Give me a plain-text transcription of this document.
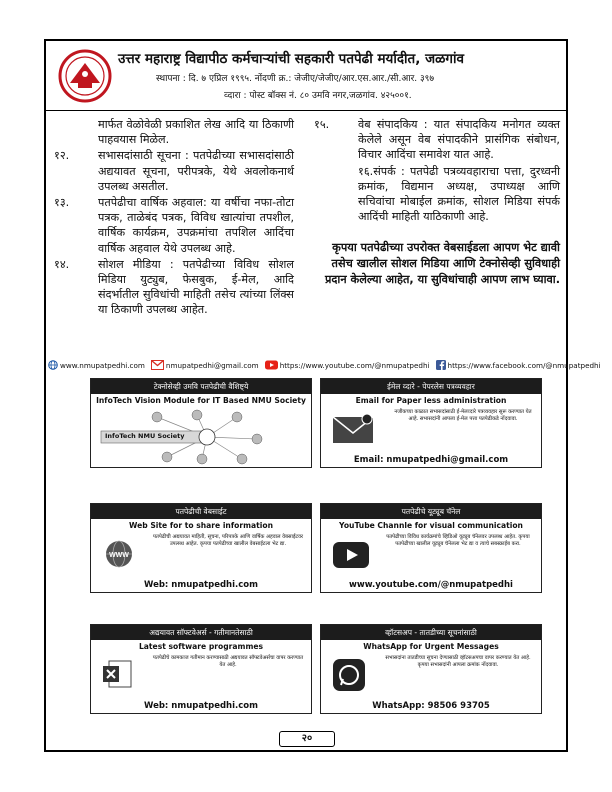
उत्तर महाराष्ट्र विद्यापीठ कर्मचाऱ्यांची सहकारी पतपेढी मर्यादीत, जळगांव
स्थापना : दि. ७ एप्रिल १९९५. नोंदणी क्र.: जेजीए/जेजीए/आर.एस.आर./सी.आर. ३९७
व्दारा : पोस्ट बॉक्स नं. ८० उमवि नगर,जळगांव. ४२५००१.
मार्फत वेळोवेळी प्रकाशित लेख आदि या ठिकाणी पाहवयास मिळेल.
१२.	सभासदांसाठी सूचना : पतपेढीच्या सभासदांसाठी अद्ययावत सूचना, परीपत्रके, येथे अवलोकनार्थ उपलब्ध असतील.
१३.	पतपेढीचा वार्षिक अहवाल: या वर्षीचा नफा-तोटा पत्रक, ताळेबंद पत्रक, विविध खात्यांचा तपशील, वार्षिक कार्यक्रम, उपक्रमांचा तपशिल आदिंचा वार्षिक अहवाल येथे उपलब्ध आहे.
१४.	सोशल मीडिया : पतपेढीच्या विविध सोशल मिडिया युट्युब, फेसबुक, ई-मेल, आदि संदर्भातील सुविधांची माहिती तसेच त्यांच्या लिंक्स या ठिकाणी उपलब्ध आहेत.
१५.	वेब संपादकिय : यात संपादकिय मनोगत व्यक्त केलेले असून वेब संपादकीने प्रासंगिक संबोधन, विचार आदिंचा समावेश यात आहे.
१६.संपर्क : पतपेढी पत्रव्यवहाराचा पत्ता, दुरध्वनी क्रमांक, विद्यमान अध्यक्ष, उपाध्यक्ष आणि सचिवांचा मोबाईल क्रमांक, सोशल मिडिया संपर्क आदिंची माहिती याठिकाणी आहे.
कृपया पतपेढीच्या उपरोक्त वेबसाईडला आपण भेट द्यावी तसेच खालील सोशल मिडिया आणि टेक्नोसेव्ही सुविधाही प्रदान केलेल्या आहेत, या सुविधांचाही आपण लाभ घ्यावा.
www.nmupatpedhi.com	nmupatpedhi@gmail.com	https://www.youtube.com/@nmupatpedhi	https://www.facebook.com/@nmupatpedhi
टेक्नोसेव्ही उमवि पतपेढीची वैशिष्ट्ये
InfoTech Vision Module for IT Based NMU Society
InfoTech NMU Society
ईमेल व्दारे - पेपरलेस पत्रव्यवहार
Email for Paper less administration
नजीकच्या काळात सभासदांसाठी ई-मेलव्दारे पत्रव्यवहार सुरू करण्यात येत आहे. सभासदांनी आपला ई-मेल पत्ता पतपेढीकडे नोंदवावा.
Email: nmupatpedhi@gmail.com
पतपेढीची वेबसाईट
Web Site for to share information
WWW
पतपेढीची अद्ययावत माहिती, सूचना, परिपत्रके आणि वार्षिक अहवाल वेबसाईटवर उपलब्ध आहेत. कृपया पतपेढीच्या खालील वेबसाईटला भेट द्या.
Web: nmupatpedhi.com
पतपेढीचे यूट्यूब चॅनेल
YouTube Channle for visual communication
पतपेढीच्या विविध कार्यक्रमांचे व्हिडिओ यूट्यूब चॅनेलवर उपलब्ध आहेत. कृपया पतपेढीच्या खालील यूट्यूब चॅनेलला भेट द्या व त्याचे सबस्क्राईब करा.
www.youtube.com/@nmupatpedhi
अद्ययावत सॉफ्टवेअर्स - गतीमानतेसाठी
Latest software programmes
पतपेढीचे कामकाज गतीमान करण्यासाठी अद्ययावत सॉफ्टवेअर्सचा वापर करण्यात येत आहे.
Web: nmupatpedhi.com
व्हॉटसअप - तातडीच्या सूचनांसाठी
WhatsApp for Urgent Messages
सभासदांना तातडीच्या सूचना देण्यासाठी व्हॉटसअपचा वापर करण्यात येत आहे. कृपया सभासदांनी आपला क्रमांक नोंदवावा.
WhatsApp: 98506 93705
२०
